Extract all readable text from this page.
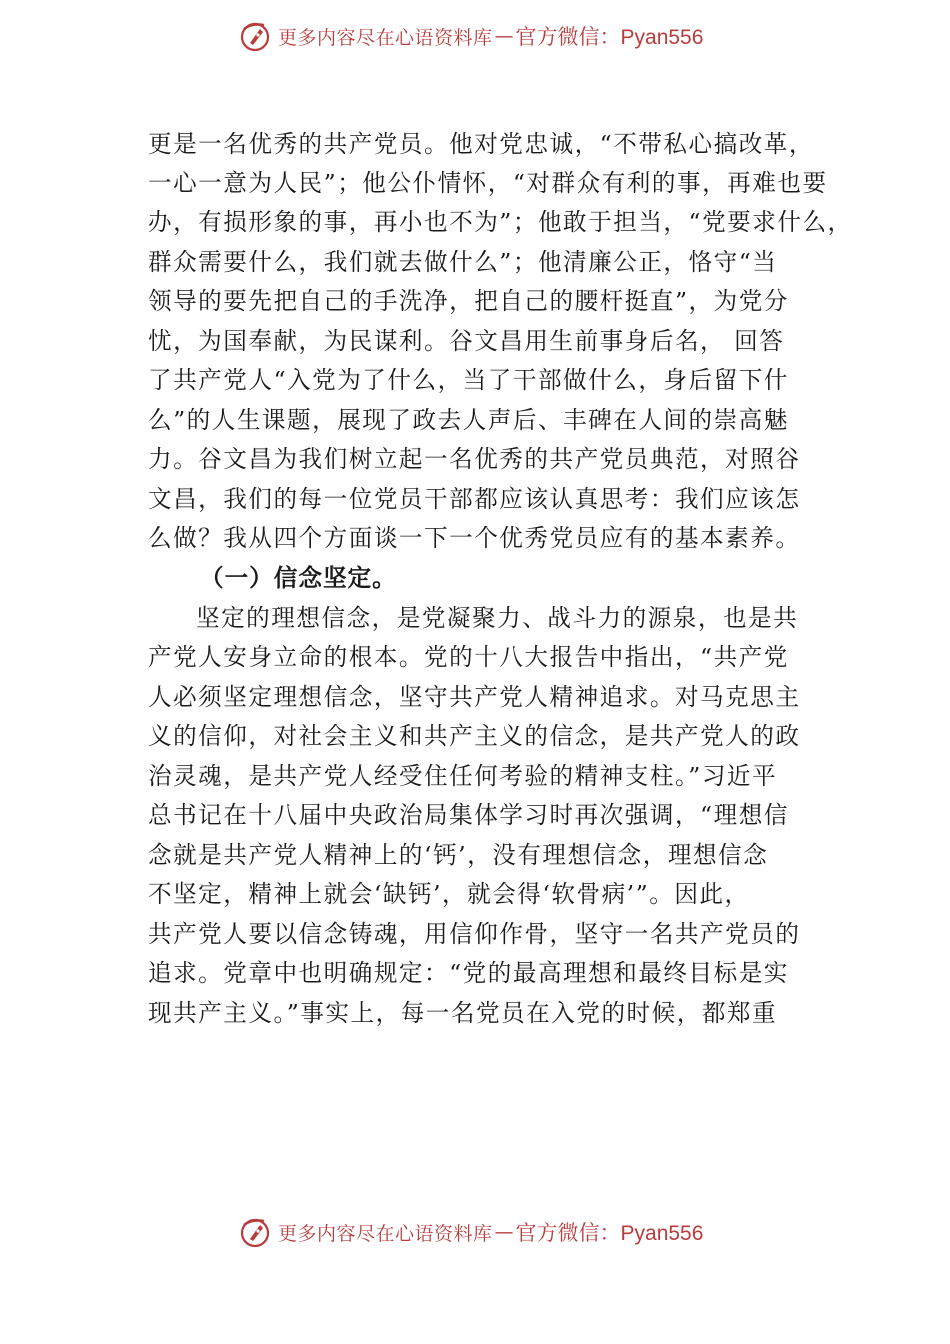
更多内容尽在心语资料库 — 官方微信：Pyan556
更是一名优秀的共产党员。他对党忠诚，“不带私心搞改革，
一心一意为人民”；他公仆情怀，“对群众有利的事，再难也要
办，有损形象的事，再小也不为”；他敢于担当，“党要求什么，
群众需要什么，我们就去做什么”；他清廉公正，恪守“当
领导的要先把自己的手洗净，把自己的腰杆挺直”，为党分
忧，为国奉献，为民谋利。谷文昌用生前事身后名， 回答
了共产党人“入党为了什么，当了干部做什么，身后留下什
么”的人生课题，展现了政去人声后、丰碑在人间的崇高魅
力。谷文昌为我们树立起一名优秀的共产党员典范，对照谷
文昌，我们的每一位党员干部都应该认真思考：我们应该怎
么做？我从四个方面谈一下一个优秀党员应有的基本素养。
（一）信念坚定。
坚定的理想信念，是党凝聚力、战斗力的源泉，也是共
产党人安身立命的根本。党的十八大报告中指出，“共产党
人必须坚定理想信念，坚守共产党人精神追求。对马克思主
义的信仰，对社会主义和共产主义的信念，是共产党人的政
治灵魂，是共产党人经受住任何考验的精神支柱。”习近平
总书记在十八届中央政治局集体学习时再次强调，“理想信
念就是共产党人精神上的‘钙’，没有理想信念，理想信念
不坚定，精神上就会‘缺钙’，就会得‘软骨病’”。因此，
共产党人要以信念铸魂，用信仰作骨，坚守一名共产党员的
追求。党章中也明确规定：“党的最高理想和最终目标是实
现共产主义。”事实上，每一名党员在入党的时候，都郑重
更多内容尽在心语资料库 — 官方微信：Pyan556
